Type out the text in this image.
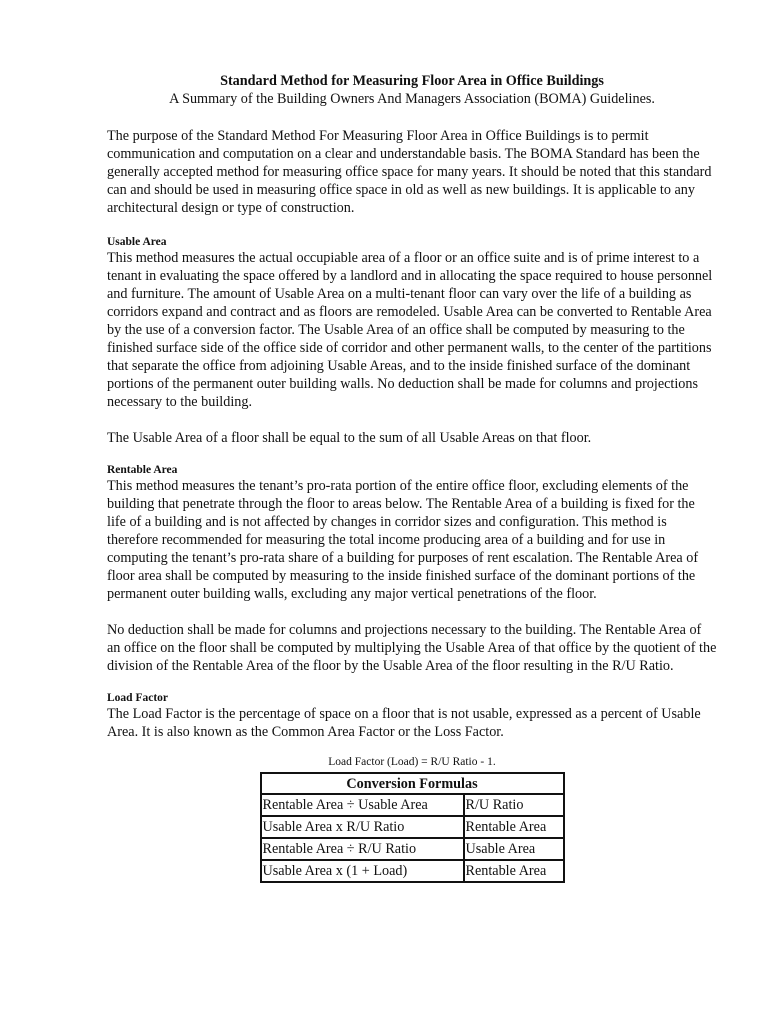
Standard Method for Measuring Floor Area in Office Buildings

A Summary of the Building Owners And Managers Association (BOMA) Guidelines.

The purpose of the Standard Method For Measuring Floor Area in Office Buildings is to permit communication and computation on a clear and understandable basis. The BOMA Standard has been the generally accepted method for measuring office space for many years. It should be noted that this standard can and should be used in measuring office space in old as well as new buildings. It is applicable to any architectural design or type of construction.

Usable Area

This method measures the actual occupiable area of a floor or an office suite and is of prime interest to a tenant in evaluating the space offered by a landlord and in allocating the space required to house personnel and furniture. The amount of Usable Area on a multi-tenant floor can vary over the life of a building as corridors expand and contract and as floors are remodeled. Usable Area can be converted to Rentable Area by the use of a conversion factor. The Usable Area of an office shall be computed by measuring to the finished surface side of the office side of corridor and other permanent walls, to the center of the partitions that separate the office from adjoining Usable Areas, and to the inside finished surface of the dominant portions of the permanent outer building walls. No deduction shall be made for columns and projections necessary to the building.

The Usable Area of a floor shall be equal to the sum of all Usable Areas on that floor.

Rentable Area

This method measures the tenant’s pro-rata portion of the entire office floor, excluding elements of the building that penetrate through the floor to areas below. The Rentable Area of a building is fixed for the life of a building and is not affected by changes in corridor sizes and configuration. This method is therefore recommended for measuring the total income producing area of a building and for use in computing the tenant’s pro-rata share of a building for purposes of rent escalation. The Rentable Area of floor area shall be computed by measuring to the inside finished surface of the dominant portions of the permanent outer building walls, excluding any major vertical penetrations of the floor.

No deduction shall be made for columns and projections necessary to the building. The Rentable Area of an office on the floor shall be computed by multiplying the Usable Area of that office by the quotient of the division of the Rentable Area of the floor by the Usable Area of the floor resulting in the R/U Ratio.

Load Factor

The Load Factor is the percentage of space on a floor that is not usable, expressed as a percent of Usable Area. It is also known as the Common Area Factor or the Loss Factor.

Load Factor (Load) = R/U Ratio - 1.

Conversion Formulas	
Rentable Area ÷ Usable Area	R/U Ratio
Usable Area x R/U Ratio	Rentable Area
Rentable Area ÷ R/U Ratio	Usable Area
Usable Area x (1 + Load)	Rentable Area
